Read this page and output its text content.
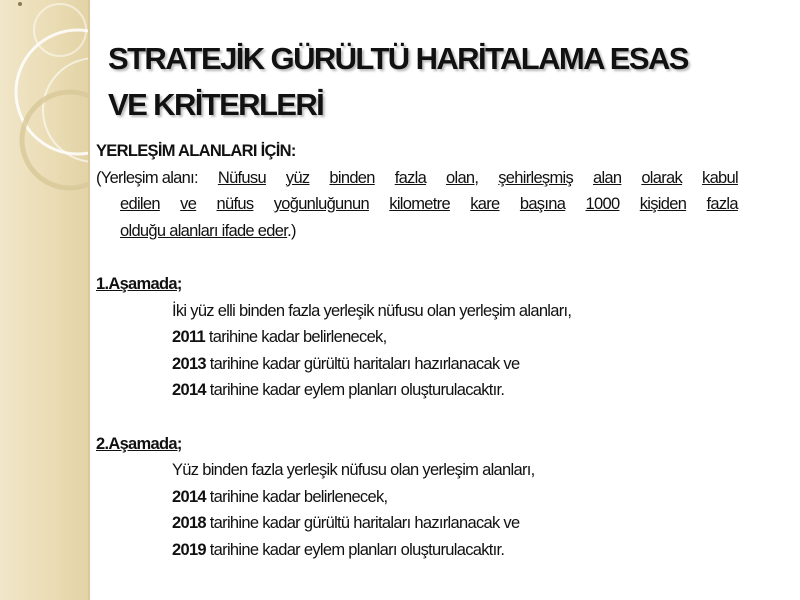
STRATEJİK GÜRÜLTÜ HARİTALAMA ESAS
VE KRİTERLERİ
YERLEŞİM ALANLARI İÇİN:
(Yerleşim alanı: Nüfusu yüz binden fazla olan, şehirleşmiş alan olarak kabul
edilen ve nüfus yoğunluğunun kilometre kare başına 1000 kişiden fazla
olduğu alanları ifade eder.)
1.Aşamada;
İki yüz elli binden fazla yerleşik nüfusu olan yerleşim alanları,
2011 tarihine kadar belirlenecek,
2013 tarihine kadar gürültü haritaları hazırlanacak ve
2014 tarihine kadar eylem planları oluşturulacaktır.
2.Aşamada;
Yüz binden fazla yerleşik nüfusu olan yerleşim alanları,
2014 tarihine kadar belirlenecek,
2018 tarihine kadar gürültü haritaları hazırlanacak ve
2019 tarihine kadar eylem planları oluşturulacaktır.
